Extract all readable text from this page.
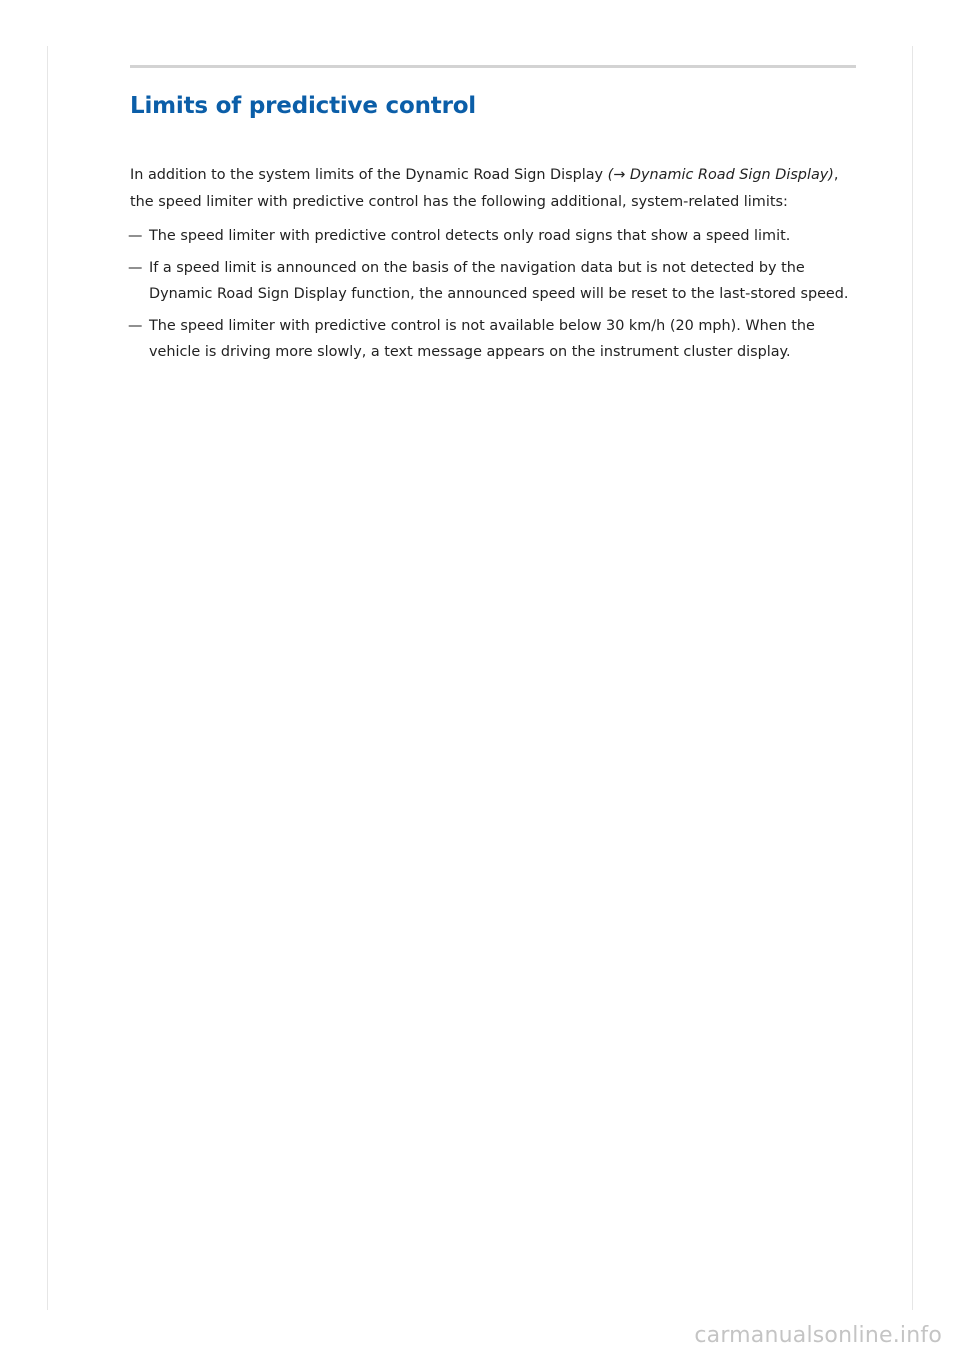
Limits of predictive control

In addition to the system limits of the Dynamic Road Sign Display (→ Dynamic Road Sign Display), the speed limiter with predictive control has the following additional, system-related limits:

— The speed limiter with predictive control detects only road signs that show a speed limit.
— If a speed limit is announced on the basis of the navigation data but is not detected by the Dynamic Road Sign Display function, the announced speed will be reset to the last-stored speed.
— The speed limiter with predictive control is not available below 30 km/h (20 mph). When the vehicle is driving more slowly, a text message appears on the instrument cluster display.
carmanualsonline.info
